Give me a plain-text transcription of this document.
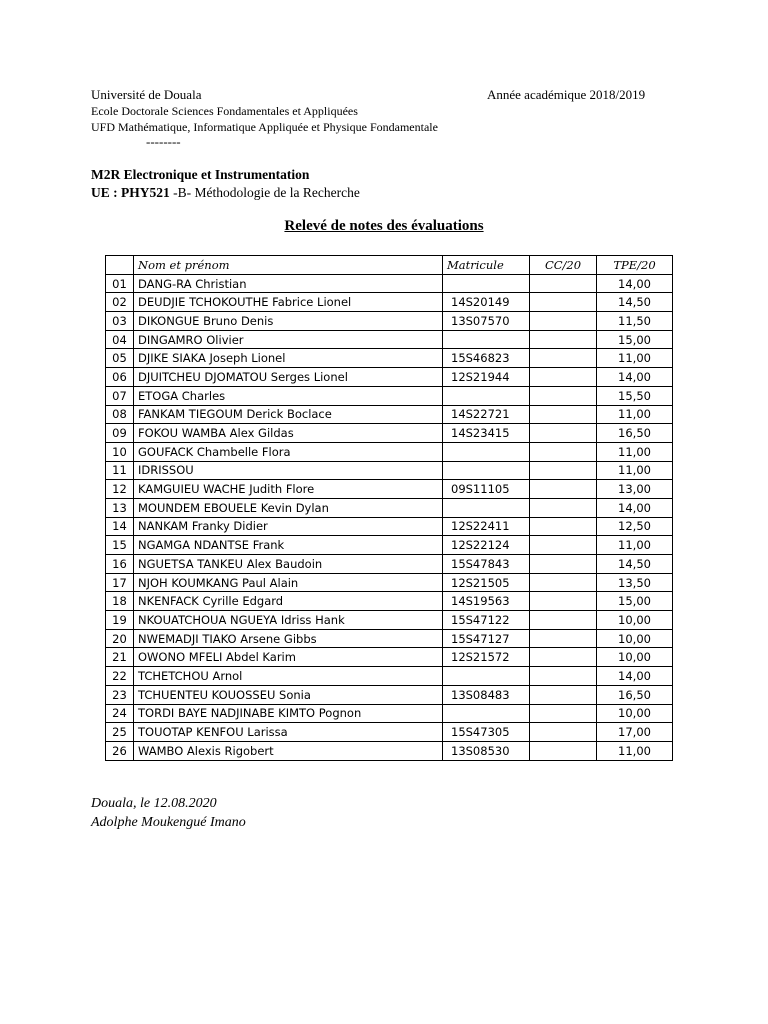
Université de Douala	Année académique 2018/2019
Ecole Doctorale Sciences Fondamentales et Appliquées
UFD Mathématique, Informatique Appliquée et Physique Fondamentale
--------
M2R Electronique et Instrumentation
UE : PHY521 -B- Méthodologie de la Recherche
Relevé de notes des évaluations
	Nom et prénom	Matricule	CC/20	TPE/20
01	DANG-RA Christian			14,00
02	DEUDJIE TCHOKOUTHE Fabrice Lionel	14S20149		14,50
03	DIKONGUE Bruno Denis	13S07570		11,50
04	DINGAMRO Olivier			15,00
05	DJIKE SIAKA Joseph Lionel	15S46823		11,00
06	DJUITCHEU DJOMATOU Serges Lionel	12S21944		14,00
07	ETOGA Charles			15,50
08	FANKAM TIEGOUM Derick Boclace	14S22721		11,00
09	FOKOU WAMBA Alex Gildas	14S23415		16,50
10	GOUFACK Chambelle Flora			11,00
11	IDRISSOU			11,00
12	KAMGUIEU WACHE Judith Flore	09S11105		13,00
13	MOUNDEM EBOUELE Kevin Dylan			14,00
14	NANKAM Franky Didier	12S22411		12,50
15	NGAMGA NDANTSE Frank	12S22124		11,00
16	NGUETSA TANKEU Alex Baudoin	15S47843		14,50
17	NJOH KOUMKANG Paul Alain	12S21505		13,50
18	NKENFACK Cyrille Edgard	14S19563		15,00
19	NKOUATCHOUA NGUEYA Idriss Hank	15S47122		10,00
20	NWEMADJI TIAKO Arsene Gibbs	15S47127		10,00
21	OWONO MFELI Abdel Karim	12S21572		10,00
22	TCHETCHOU Arnol			14,00
23	TCHUENTEU KOUOSSEU Sonia	13S08483		16,50
24	TORDI BAYE NADJINABE KIMTO Pognon			10,00
25	TOUOTAP KENFOU Larissa	15S47305		17,00
26	WAMBO Alexis Rigobert	13S08530		11,00
Douala, le 12.08.2020
Adolphe Moukengué Imano
